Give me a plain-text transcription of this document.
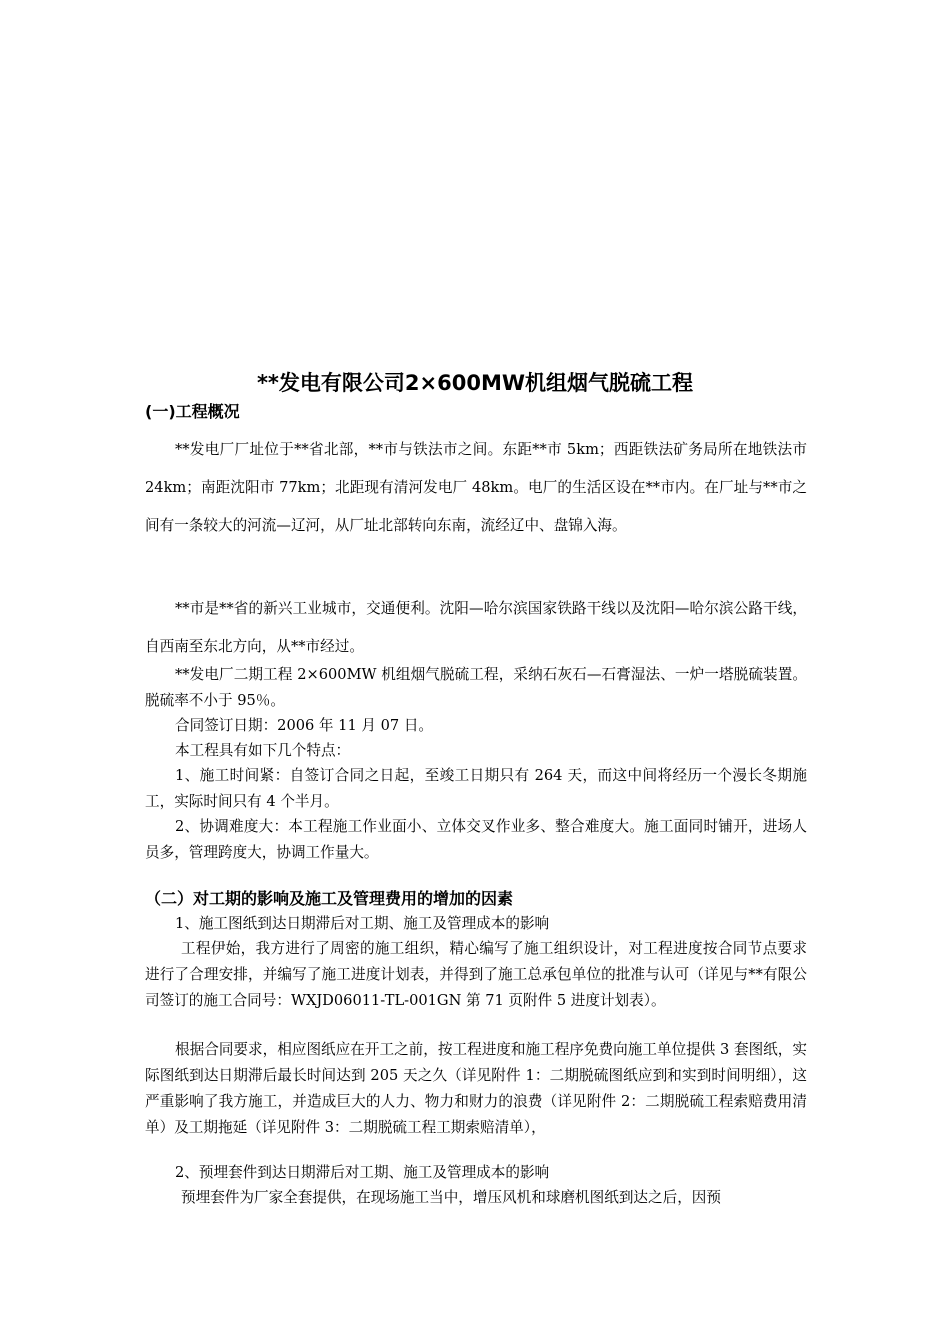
**发电有限公司2×600MW机组烟气脱硫工程
(一)工程概况

**发电厂厂址位于**省北部，**市与铁法市之间。东距**市 5km；西距铁法矿务局所在地铁法市 24km；南距沈阳市 77km；北距现有清河发电厂 48km。电厂的生活区设在**市内。在厂址与**市之间有一条较大的河流—辽河，从厂址北部转向东南，流经辽中、盘锦入海。

**市是**省的新兴工业城市，交通便利。沈阳—哈尔滨国家铁路干线以及沈阳—哈尔滨公路干线，自西南至东北方向，从**市经过。

**发电厂二期工程 2×600MW 机组烟气脱硫工程，采纳石灰石—石膏湿法、一炉一塔脱硫装置。脱硫率不小于 95％。

合同签订日期：2006 年 11 月 07 日。

本工程具有如下几个特点：

1、施工时间紧：自签订合同之日起，至竣工日期只有 264 天，而这中间将经历一个漫长冬期施工，实际时间只有 4 个半月。

2、协调难度大：本工程施工作业面小、立体交叉作业多、整合难度大。施工面同时铺开，进场人员多，管理跨度大，协调工作量大。

（二）对工期的影响及施工及管理费用的增加的因素

1、施工图纸到达日期滞后对工期、施工及管理成本的影响

工程伊始，我方进行了周密的施工组织，精心编写了施工组织设计，对工程进度按合同节点要求进行了合理安排，并编写了施工进度计划表，并得到了施工总承包单位的批准与认可（详见与**有限公司签订的施工合同号：WXJD06011-TL-001GN 第 71 页附件 5 进度计划表）。

根据合同要求，相应图纸应在开工之前，按工程进度和施工程序免费向施工单位提供 3 套图纸，实际图纸到达日期滞后最长时间达到 205 天之久（详见附件 1：二期脱硫图纸应到和实到时间明细），这严重影响了我方施工，并造成巨大的人力、物力和财力的浪费（详见附件 2：二期脱硫工程索赔费用清单）及工期拖延（详见附件 3：二期脱硫工程工期索赔清单），

2、预埋套件到达日期滞后对工期、施工及管理成本的影响

预埋套件为厂家全套提供，在现场施工当中，增压风机和球磨机图纸到达之后，因预
